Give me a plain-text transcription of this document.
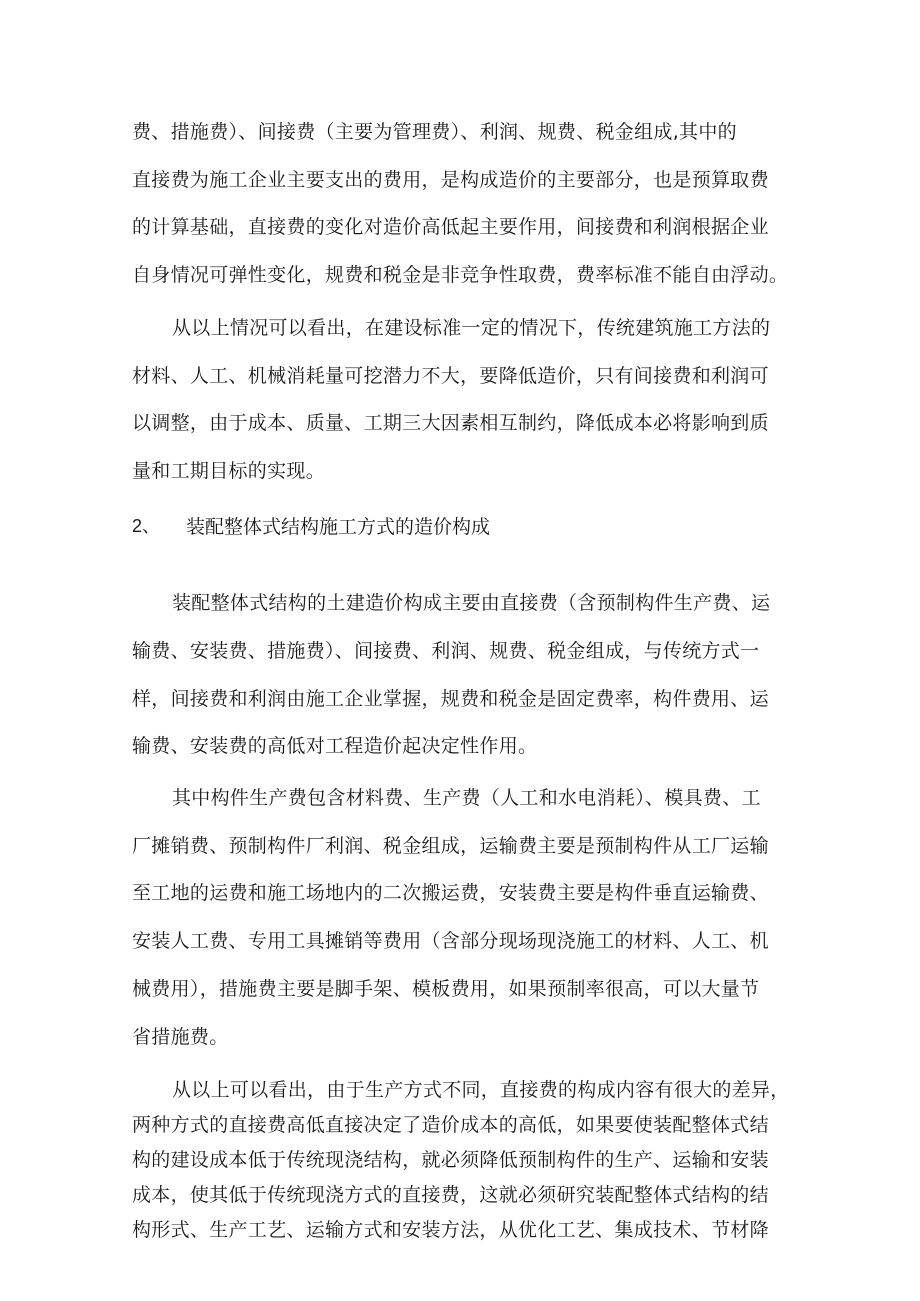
费、措施费）、间接费（主要为管理费）、利润、规费、税金组成,其中的
直接费为施工企业主要支出的费用，是构成造价的主要部分，也是预算取费
的计算基础，直接费的变化对造价高低起主要作用，间接费和利润根据企业
自身情况可弹性变化，规费和税金是非竞争性取费，费率标准不能自由浮动。
从以上情况可以看出，在建设标准一定的情况下，传统建筑施工方法的
材料、人工、机械消耗量可挖潜力不大，要降低造价，只有间接费和利润可
以调整，由于成本、质量、工期三大因素相互制约，降低成本必将影响到质
量和工期目标的实现。
2、 装配整体式结构施工方式的造价构成
装配整体式结构的土建造价构成主要由直接费（含预制构件生产费、运
输费、安装费、措施费）、间接费、利润、规费、税金组成，与传统方式一
样，间接费和利润由施工企业掌握，规费和税金是固定费率，构件费用、运
输费、安装费的高低对工程造价起决定性作用。
其中构件生产费包含材料费、生产费（人工和水电消耗）、模具费、工
厂摊销费、预制构件厂利润、税金组成，运输费主要是预制构件从工厂运输
至工地的运费和施工场地内的二次搬运费，安装费主要是构件垂直运输费、
安装人工费、专用工具摊销等费用（含部分现场现浇施工的材料、人工、机
械费用），措施费主要是脚手架、模板费用，如果预制率很高，可以大量节
省措施费。
从以上可以看出，由于生产方式不同，直接费的构成内容有很大的差异，
两种方式的直接费高低直接决定了造价成本的高低，如果要使装配整体式结
构的建设成本低于传统现浇结构，就必须降低预制构件的生产、运输和安装
成本，使其低于传统现浇方式的直接费，这就必须研究装配整体式结构的结
构形式、生产工艺、运输方式和安装方法，从优化工艺、集成技术、节材降
